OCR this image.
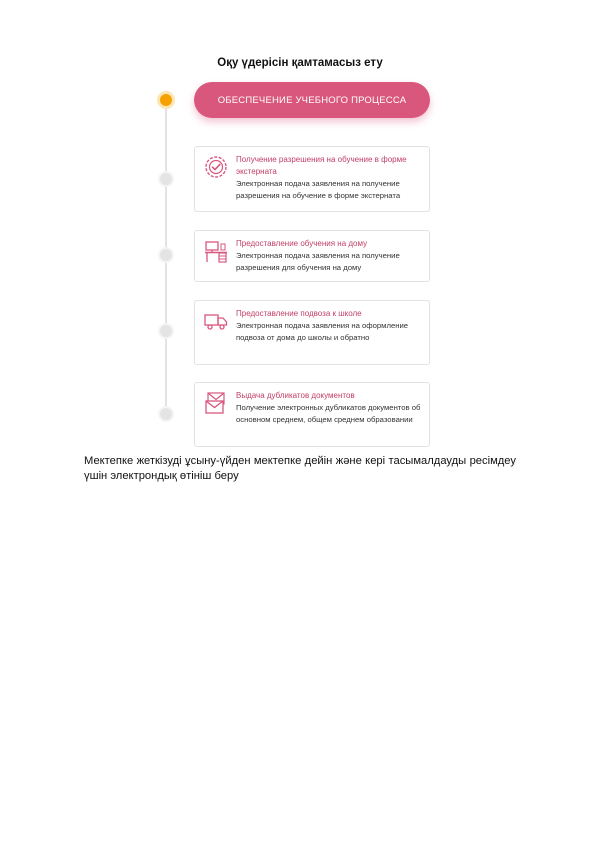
Оқу үдерісін қамтамасыз ету
ОБЕСПЕЧЕНИЕ УЧЕБНОГО ПРОЦЕССА
Получение разрешения на обучение в форме экстерната
Электронная подача заявления на получение разрешения на обучение в форме экстерната
Предоставление обучения на дому
Электронная подача заявления на получение разрешения для обучения на дому
Предоставление подвоза к школе
Электронная подача заявления на оформление подвоза от дома до школы и обратно
Выдача дубликатов документов
Получение электронных дубликатов документов об основном среднем, общем среднем образовании
Мектепке жеткізуді ұсыну-үйден мектепке дейін және кері тасымалдауды ресімдеу үшін электрондық өтініш беру
